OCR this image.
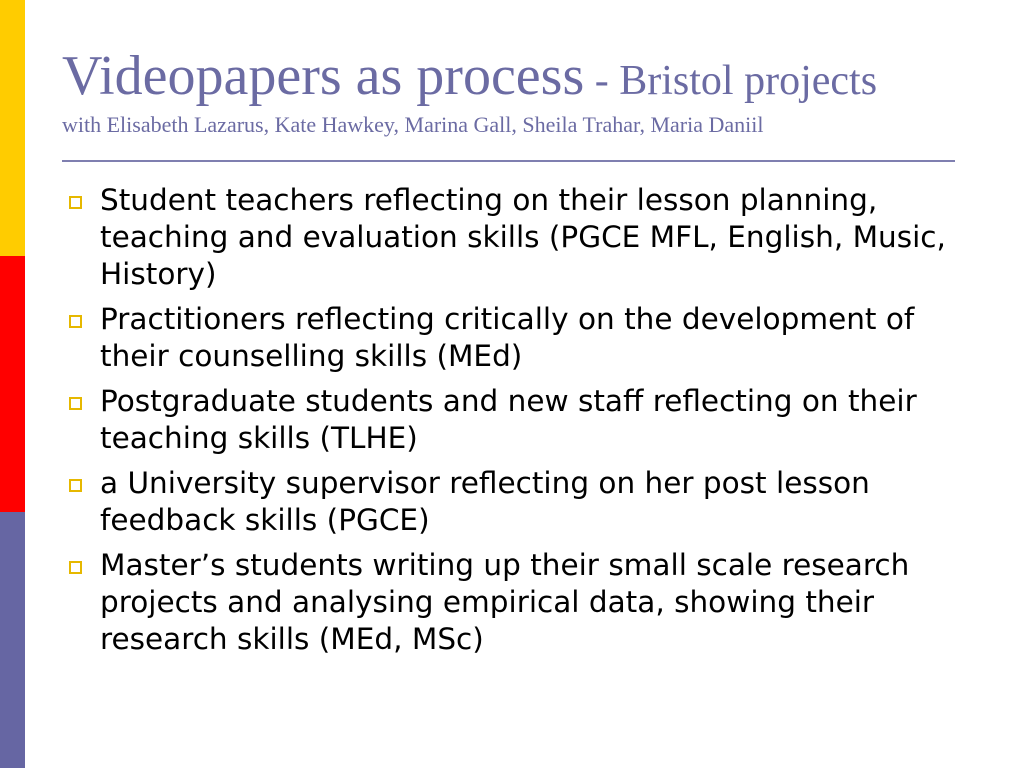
Videopapers as process - Bristol projects
with Elisabeth Lazarus, Kate Hawkey, Marina Gall, Sheila Trahar, Maria Daniil
Student teachers reflecting on their lesson planning, teaching and evaluation skills (PGCE MFL, English, Music, History)
Practitioners reflecting critically on the development of their counselling skills (MEd)
Postgraduate students and new staff reflecting on their teaching skills (TLHE)
a University supervisor reflecting on her post lesson feedback skills (PGCE)
Master’s students writing up their small scale research projects and analysing empirical data, showing their research skills (MEd, MSc)
